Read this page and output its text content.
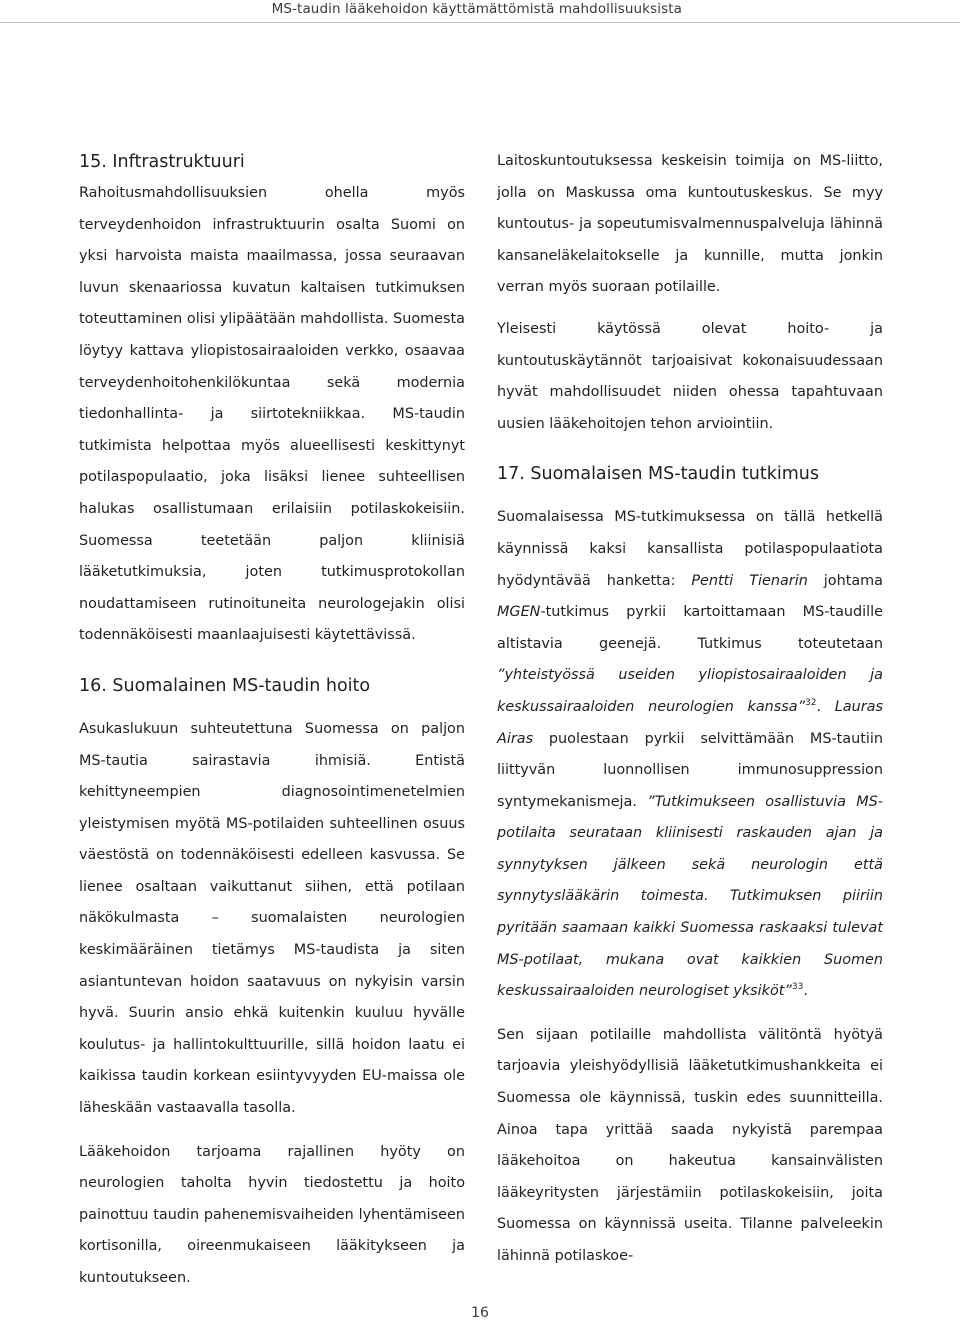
MS-taudin lääkehoidon käyttämättömistä mahdollisuuksista
15. Inftrastruktuuri

Rahoitusmahdollisuuksien ohella myös terveydenhoidon infrastruktuurin osalta Suomi on yksi harvoista maista maailmassa, jossa seuraavan luvun skenaariossa kuvatun kaltaisen tutkimuksen toteuttaminen olisi ylipäätään mahdollista. Suomesta löytyy kattava yliopistosairaaloiden verkko, osaavaa terveydenhoitohenkilökuntaa sekä modernia tiedonhallinta- ja siirtotekniikkaa. MS-taudin tutkimista helpottaa myös alueellisesti keskittynyt potilaspopulaatio, joka lisäksi lienee suhteellisen halukas osallistumaan erilaisiin potilaskokeisiin. Suomessa teetetään paljon kliinisiä lääketutkimuksia, joten tutkimusprotokollan noudattamiseen rutinoituneita neurologejakin olisi todennäköisesti maanlaajuisesti käytettävissä.

16. Suomalainen MS-taudin hoito

Asukaslukuun suhteutettuna Suomessa on paljon MS-tautia sairastavia ihmisiä. Entistä kehittyneempien diagnosointimenetelmien yleistymisen myötä MS-potilaiden suhteellinen osuus väestöstä on todennäköisesti edelleen kasvussa. Se lienee osaltaan vaikuttanut siihen, että potilaan näkökulmasta – suomalaisten neurologien keskimääräinen tietämys MS-taudista ja siten asiantuntevan hoidon saatavuus on nykyisin varsin hyvä. Suurin ansio ehkä kuitenkin kuuluu hyvälle koulutus- ja hallintokulttuurille, sillä hoidon laatu ei kaikissa taudin korkean esiintyvyyden EU-maissa ole läheskään vastaavalla tasolla.

Lääkehoidon tarjoama rajallinen hyöty on neurologien taholta hyvin tiedostettu ja hoito painottuu taudin pahenemisvaiheiden lyhentämiseen kortisonilla, oireenmukaiseen lääkitykseen ja kuntoutukseen.

Laitoskuntoutuksessa keskeisin toimija on MS-liitto, jolla on Maskussa oma kuntoutuskeskus. Se myy kuntoutus- ja sopeutumisvalmennuspalveluja lähinnä kansaneläkelaitokselle ja kunnille, mutta jonkin verran myös suoraan potilaille.

Yleisesti käytössä olevat hoito- ja kuntoutuskäytännöt tarjoaisivat kokonaisuudessaan hyvät mahdollisuudet niiden ohessa tapahtuvaan uusien lääkehoitojen tehon arviointiin.

17. Suomalaisen MS-taudin tutkimus

Suomalaisessa MS-tutkimuksessa on tällä hetkellä käynnissä kaksi kansallista potilaspopulaatiota hyödyntävää hanketta: Pentti Tienarin johtama MGEN-tutkimus pyrkii kartoittamaan MS-taudille altistavia geenejä. Tutkimus toteutetaan ”yhteistyössä useiden yliopistosairaaloiden ja keskussairaaloiden neurologien kanssa”$^{32}$. Lauras Airas puolestaan pyrkii selvittämään MS-tautiin liittyvän luonnollisen immunosuppression syntymekanismeja. ”Tutkimukseen osallistuvia MS-potilaita seurataan kliinisesti raskauden ajan ja synnytyksen jälkeen sekä neurologin että synnytyslääkärin toimesta. Tutkimuksen piiriin pyritään saamaan kaikki Suomessa raskaaksi tulevat MS-potilaat, mukana ovat kaikkien Suomen keskussairaaloiden neurologiset yksiköt”$^{33}$.

Sen sijaan potilaille mahdollista välitöntä hyötyä tarjoavia yleishyödyllisiä lääketutkimushankkeita ei Suomessa ole käynnissä, tuskin edes suunnitteilla. Ainoa tapa yrittää saada nykyistä parempaa lääkehoitoa on hakeutua kansainvälisten lääkeyritysten järjestämiin potilaskokeisiin, joita Suomessa on käynnissä useita. Tilanne palveleekin lähinnä potilaskoe-

16
